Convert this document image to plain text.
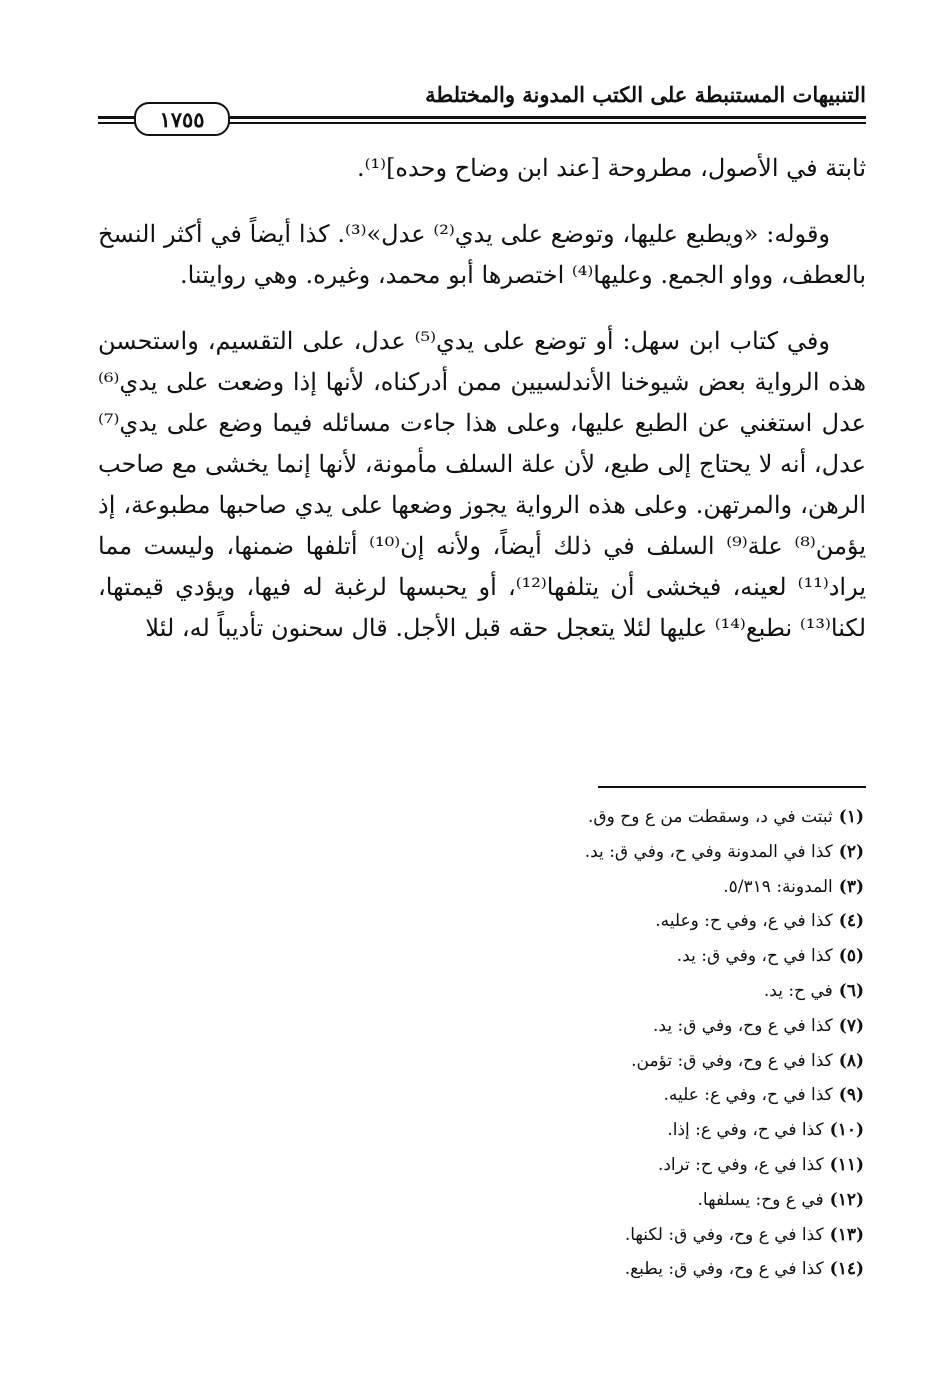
التنبيهات المستنبطة على الكتب المدونة والمختلطة
١٧٥٥

ثابتة في الأصول، مطروحة [عند ابن وضاح وحده]⁽¹⁾.

وقوله: «ويطبع عليها، وتوضع على يدي⁽²⁾ عدل»⁽³⁾. كذا أيضاً في أكثر النسخ بالعطف، وواو الجمع. وعليها⁽⁴⁾ اختصرها أبو محمد، وغيره. وهي روايتنا.

وفي كتاب ابن سهل: أو توضع على يدي⁽⁵⁾ عدل، على التقسيم، واستحسن هذه الرواية بعض شيوخنا الأندلسيين ممن أدركناه، لأنها إذا وضعت على يدي⁽⁶⁾ عدل استغني عن الطبع عليها، وعلى هذا جاءت مسائله فيما وضع على يدي⁽⁷⁾ عدل، أنه لا يحتاج إلى طبع، لأن علة السلف مأمونة، لأنها إنما يخشى مع صاحب الرهن، والمرتهن. وعلى هذه الرواية يجوز وضعها على يدي صاحبها مطبوعة، إذ يؤمن⁽⁸⁾ علة⁽⁹⁾ السلف في ذلك أيضاً، ولأنه إن⁽¹⁰⁾ أتلفها ضمنها، وليست مما يراد⁽¹¹⁾ لعينه، فيخشى أن يتلفها⁽¹²⁾، أو يحبسها لرغبة له فيها، ويؤدي قيمتها، لكنا⁽¹³⁾ نطبع⁽¹⁴⁾ عليها لئلا يتعجل حقه قبل الأجل. قال سحنون تأديباً له، لئلا

(١)ثبتت في د، وسقطت من ع وح وق.
(٢)كذا في المدونة وفي ح، وفي ق: يد.
(٣)المدونة: ٥/٣١٩.
(٤)كذا في ع، وفي ح: وعليه.
(٥)كذا في ح، وفي ق: يد.
(٦)في ح: يد.
(٧)كذا في ع وح، وفي ق: يد.
(٨)كذا في ع وح، وفي ق: تؤمن.
(٩)كذا في ح، وفي ع: عليه.
(١٠)كذا في ح، وفي ع: إذا.
(١١)كذا في ع، وفي ح: تراد.
(١٢)في ع وح: يسلفها.
(١٣)كذا في ع وح، وفي ق: لكنها.
(١٤)كذا في ع وح، وفي ق: يطبع.
